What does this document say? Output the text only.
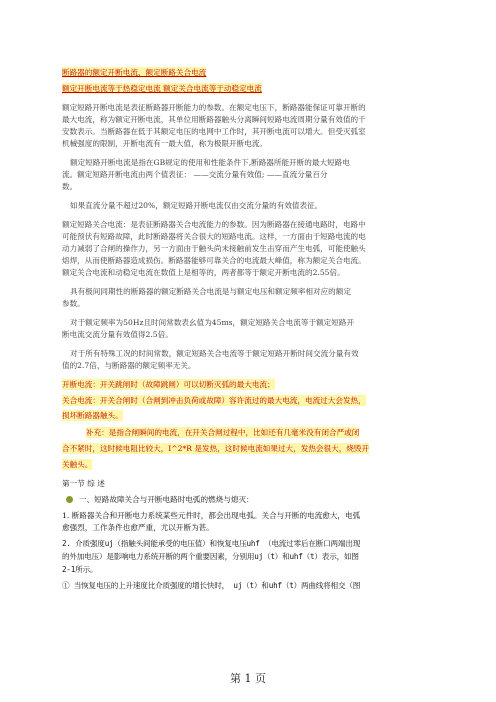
断路器的额定开断电流、额定断路关合电流
额定开断电流等于热稳定电流 额定关合电流等于动稳定电流
额定短路开断电流是表征断路器开断能力的参数。在额定电压下，断路器能保证可靠开断的
最大电流，称为额定开断电流，其单位用断路器触头分离瞬间短路电流周期分量有效值的千
安数表示。当断路器在低于其额定电压的电网中工作时，其开断电流可以增大。但受灭弧室
机械强度的限制，开断电流有一最大值，称为极限开断电流。
额定短路开断电流是指在GB规定的使用和性能条件下,断路器所能开断的最大短路电
流。额定短路开断电流由两个值表征： ——交流分量有效值; ——直流分量百分
数。
如果直流分量不超过20%，额定短路开断电流仅由交流分量的有效值表征。
额定短路关合电流：是表征断路器关合电流能力的参数。因为断路器在接通电路时，电路中
可能预伏有短路故障，此时断路器将关合很大的短路电流。这样，一方面由于短路电流的电
动力减弱了合闸的操作力，另一方面由于触头尚未接触前发生击穿而产生电弧，可能使触头
熔焊，从而使断路器造成损伤。断路器能够可靠关合的电流最大峰值，称为额定关合电流。
额定关合电流和动稳定电流在数值上是相等的，两者都等于额定开断电流的2.55倍。
具有极间同期性的断路器的额定断路关合电流是与额定电压和额定频率相对应的额定
参数。
对于额定频率为50Hz且时间常数表幺值为45ms，额定短路关合电流等于额定短路开
断电流交流分量有效值得2.5倍。
对于所有特殊工况的时间常数，额定短路关合电流等于额定短路开断时间交流分量有效
值的2.7倍，与断路器的额定频率无关。
开断电流：开关跳闸时（故障跳闸）可以切断灭弧的最大电流；
关合电流：开关合闸时（合闸到冲击负荷或故障）容许流过的最大电流，电流过大会发热，
损坏断路器触头。
补充：是指合闸瞬间的电流，在开关合闸过程中，比如还有几毫米没有闭合严或闭
合不紧时，这时候电阻比较大，I^2*R 是发热，这时候电流如果过大，发热会很大，烧毁开
关触头。
第一节 综 述
一、短路故障关合与开断电路时电弧的燃烧与熄灭：
1. 断路器关合和开断电力系统某些元件时，都会出现电弧。关合与开断的电流愈大，电弧
愈强烈，工作条件也愈严重，尤以开断为甚。
2. 介质强度uj（指触头间能承受的电压值）和恢复电压uhf （电流过零后在断口两端出现
的外加电压）是影响电力系统开断的两个重要因素，分别用uj（t）和uhf（t）表示，如图
2-1所示。
① 当恢复电压的上升速度比介质强度的增长快时， uj（t）和uhf（t）两曲线将相交（图
第 1 页
